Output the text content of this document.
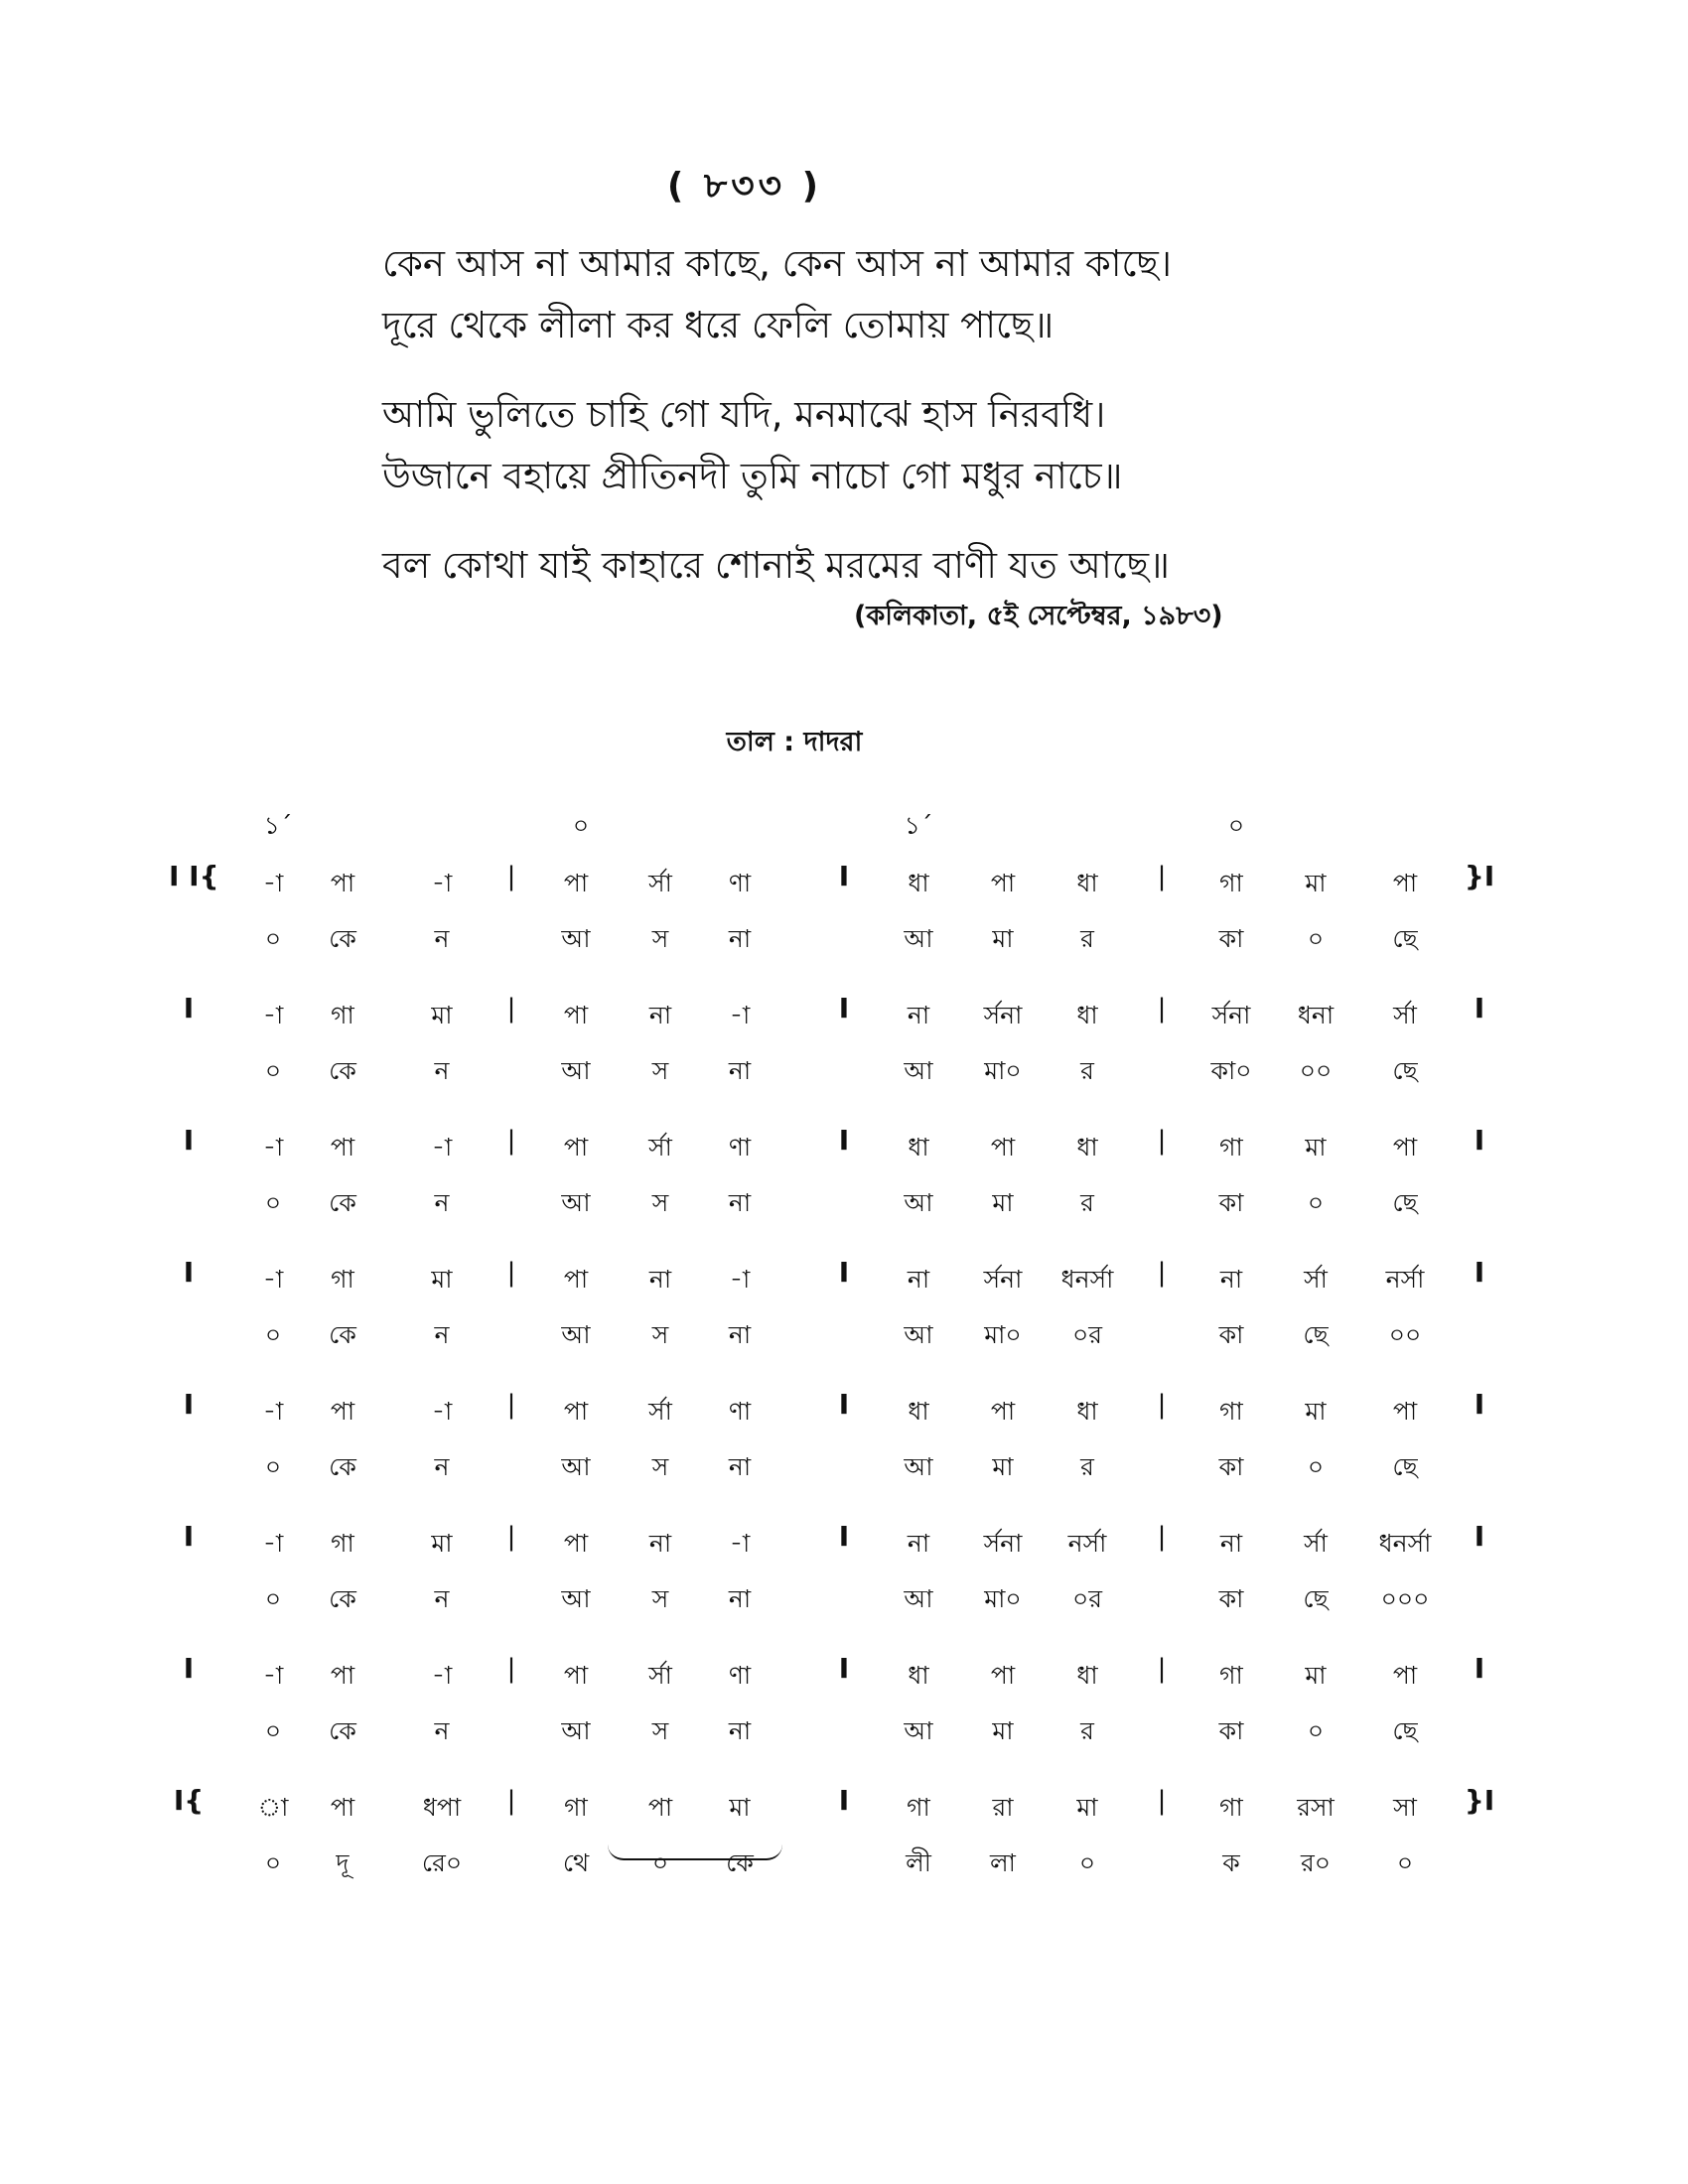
( ৮৩৩ )
কেন আস না আমার কাছে, কেন আস না আমার কাছে।
দূরে থেকে লীলা কর ধরে ফেলি তোমায় পাছে॥
আমি ভুলিতে চাহি গো যদি, মনমাঝে হাস নিরবধি।
উজানে বহায়ে প্রীতিনদী তুমি নাচো গো মধুর নাচে॥
বল কোথা যাই কাহারে শোনাই মরমের বাণী যত আছে॥
(কলিকাতা, ৫ই সেপ্টেম্বর, ১৯৮৩)
তাল : দাদরা
১´	০	১´	০
I I{	|	I	|	}I
-া	পা	-া	পা	র্সা	ণা	ধা	পা	ধা	গা	মা	পা
০	কে	ন	আ	স	না	আ	মা	র	কা	০	ছে
I	|	I	|	I
-া	গা	মা	পা	না	-া	না	র্সনা	ধা	র্সনা	ধনা	র্সা
০	কে	ন	আ	স	না	আ	মা০	র	কা০	০০	ছে
I	|	I	|	I
-া	পা	-া	পা	র্সা	ণা	ধা	পা	ধা	গা	মা	পা
০	কে	ন	আ	স	না	আ	মা	র	কা	০	ছে
I	|	I	|	I
-া	গা	মা	পা	না	-া	না	র্সনা	ধনর্সা	না	র্সা	নর্সা
০	কে	ন	আ	স	না	আ	মা০	০র	কা	ছে	০০
I	|	I	|	I
-া	পা	-া	পা	র্সা	ণা	ধা	পা	ধা	গা	মা	পা
০	কে	ন	আ	স	না	আ	মা	র	কা	০	ছে
I	|	I	|	I
-া	গা	মা	পা	না	-া	না	র্সনা	নর্সা	না	র্সা	ধনর্সা
০	কে	ন	আ	স	না	আ	মা০	০র	কা	ছে	০০০
I	|	I	|	I
-া	পা	-া	পা	র্সা	ণা	ধা	পা	ধা	গা	মা	পা
০	কে	ন	আ	স	না	আ	মা	র	কা	০	ছে
I{	|	I	|	}I
া	পা	ধপা	গা	পা	মা	গা	রা	মা	গা	রসা	সা
০	দূ	রে০	থে	০	কে	লী	লা	০	ক	র০	০
